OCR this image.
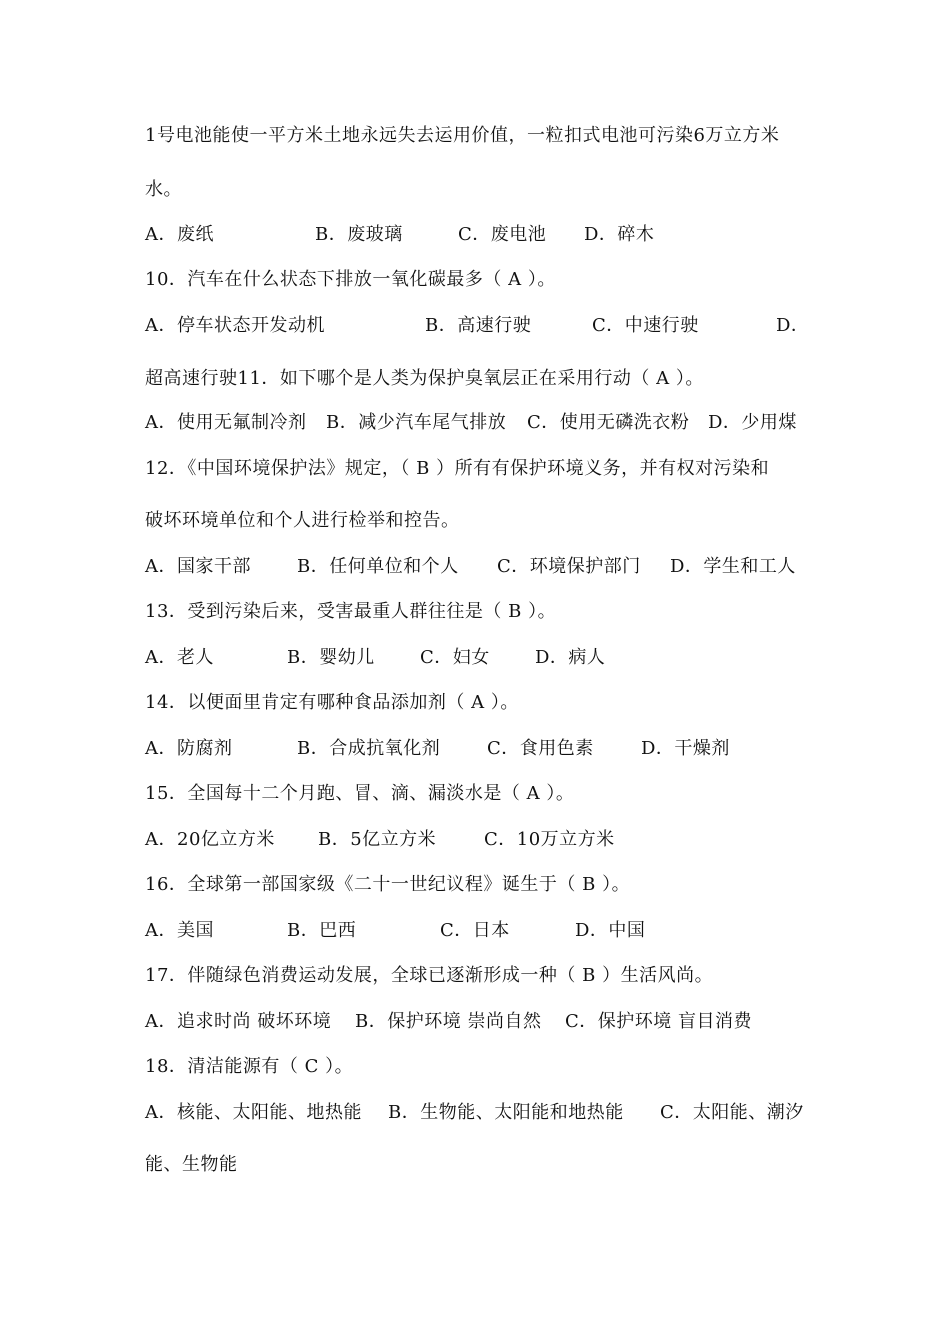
1号电池能使一平方米土地永远失去运用价值，一粒扣式电池可污染6万立方米
水。
A．废纸	B．废玻璃	C．废电池 D．碎木
10．汽车在什么状态下排放一氧化碳最多（ A ）。
A．停车状态开发动机	B．高速行驶	C．中速行驶	D．
超高速行驶11．如下哪个是人类为保护臭氧层正在采用行动（ A ）。
A．使用无氟制冷剂 B．减少汽车尾气排放 C．使用无磷洗衣粉 D．少用煤
12．《中国环境保护法》规定，（ B ）所有有保护环境义务，并有权对污染和
破坏环境单位和个人进行检举和控告。
A．国家干部	B．任何单位和个人 C．环境保护部门 D．学生和工人
13．受到污染后来，受害最重人群往往是（ B ）。
A．老人	B．婴幼儿	C．妇女	D．病人
14．以便面里肯定有哪种食品添加剂（ A ）。
A．防腐剂	B．合成抗氧化剂	C．食用色素	D．干燥剂
15．全国每十二个月跑、冒、滴、漏淡水是（ A ）。
A．20亿立方米 B．5亿立方米	C．10万立方米
16．全球第一部国家级《二十一世纪议程》诞生于（ B ）。
A．美国	B．巴西	C．日本	D．中国
17．伴随绿色消费运动发展，全球已逐渐形成一种（ B ）生活风尚。
A．追求时尚 破坏环境 B．保护环境 崇尚自然 C．保护环境 盲目消费
18．清洁能源有（ C ）。
A．核能、太阳能、地热能 B．生物能、太阳能和地热能 C．太阳能、潮汐
能、生物能
